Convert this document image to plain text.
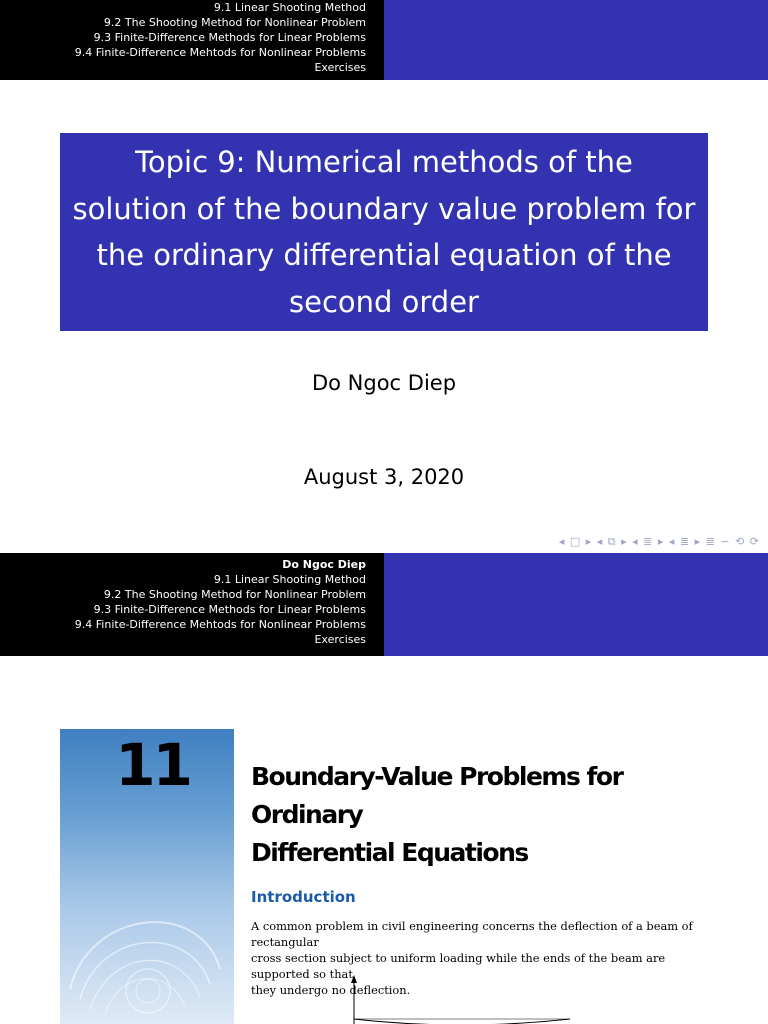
9.1 Linear Shooting Method
9.2 The Shooting Method for Nonlinear Problem
9.3 Finite-Difference Methods for Linear Problems
9.4 Finite-Difference Mehtods for Nonlinear Problems
Exercises
Topic 9: Numerical methods of the
solution of the boundary value problem for
the ordinary differential equation of the
second order
Do Ngoc Diep
August 3, 2020
◂ □ ▸ ◂ ⧉ ▸ ◂ ≣ ▸ ◂ ≣ ▸ ≣ ∽ ⟲ ⟳
Do Ngoc Diep
9.1 Linear Shooting Method
9.2 The Shooting Method for Nonlinear Problem
9.3 Finite-Difference Methods for Linear Problems
9.4 Finite-Difference Mehtods for Nonlinear Problems
Exercises
11	Boundary-Value Problems for Ordinary
Differential Equations
Introduction
A common problem in civil engineering concerns the deflection of a beam of rectangular
cross section subject to uniform loading while the ends of the beam are supported so that
they undergo no deflection.
